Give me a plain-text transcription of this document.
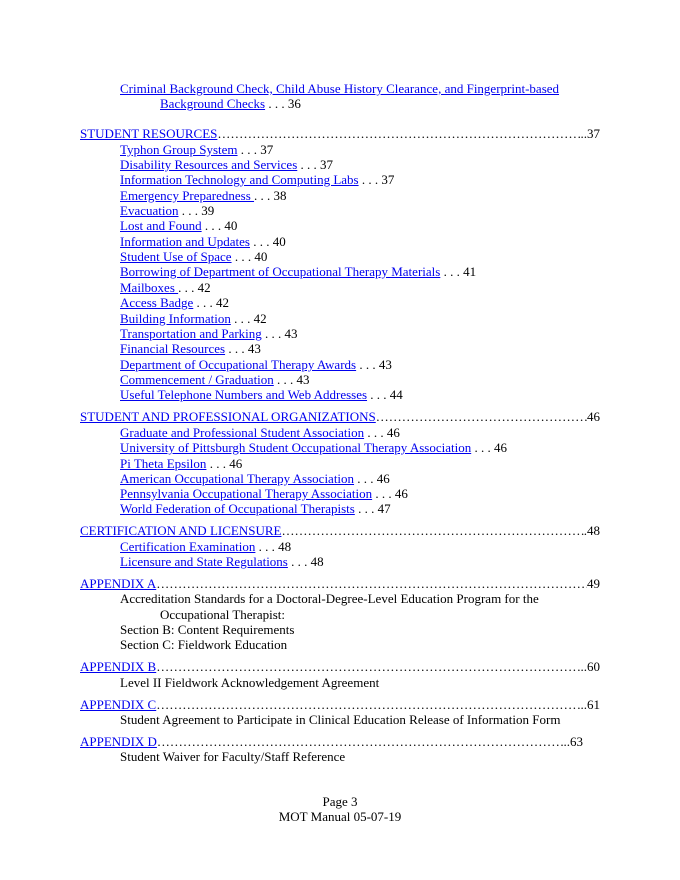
Criminal Background Check, Child Abuse History Clearance, and Fingerprint-based
Background Checks . . . 36
STUDENT RESOURCES ……………………………………………………………………………………………………………………………………………………	..37
Typhon Group System . . . 37
Disability Resources and Services . . . 37
Information Technology and Computing Labs . . . 37
Emergency Preparedness . . . 38
Evacuation . . . 39
Lost and Found . . . 40
Information and Updates . . . 40
Student Use of Space . . . 40
Borrowing of Department of Occupational Therapy Materials . . . 41
Mailboxes . . . 42
Access Badge . . . 42
Building Information . . . 42
Transportation and Parking . . . 43
Financial Resources . . . 43
Department of Occupational Therapy Awards . . . 43
Commencement / Graduation . . . 43
Useful Telephone Numbers and Web Addresses . . . 44
STUDENT AND PROFESSIONAL ORGANIZATIONS ……………………………………………………………………………………………………………………………………………………	46
Graduate and Professional Student Association . . . 46
University of Pittsburgh Student Occupational Therapy Association . . . 46
Pi Theta Epsilon . . . 46
American Occupational Therapy Association . . . 46
Pennsylvania Occupational Therapy Association . . . 46
World Federation of Occupational Therapists . . . 47
CERTIFICATION AND LICENSURE ……………………………………………………………………………………………………………………………………………………	.48
Certification Examination . . . 48
Licensure and State Regulations . . . 48
APPENDIX A ……………………………………………………………………………………………………………………………………………………	49
Accreditation Standards for a Doctoral-Degree-Level Education Program for the
Occupational Therapist:
Section B: Content Requirements
Section C: Fieldwork Education
APPENDIX B ……………………………………………………………………………………………………………………………………………………	...60
Level II Fieldwork Acknowledgement Agreement
APPENDIX C ……………………………………………………………………………………………………………………………………………………	...61
Student Agreement to Participate in Clinical Education Release of Information Form
APPENDIX D ……………………………………………………………………………………………………………………………………………………	..63
Student Waiver for Faculty/Staff Reference
Page 3
MOT Manual 05-07-19
